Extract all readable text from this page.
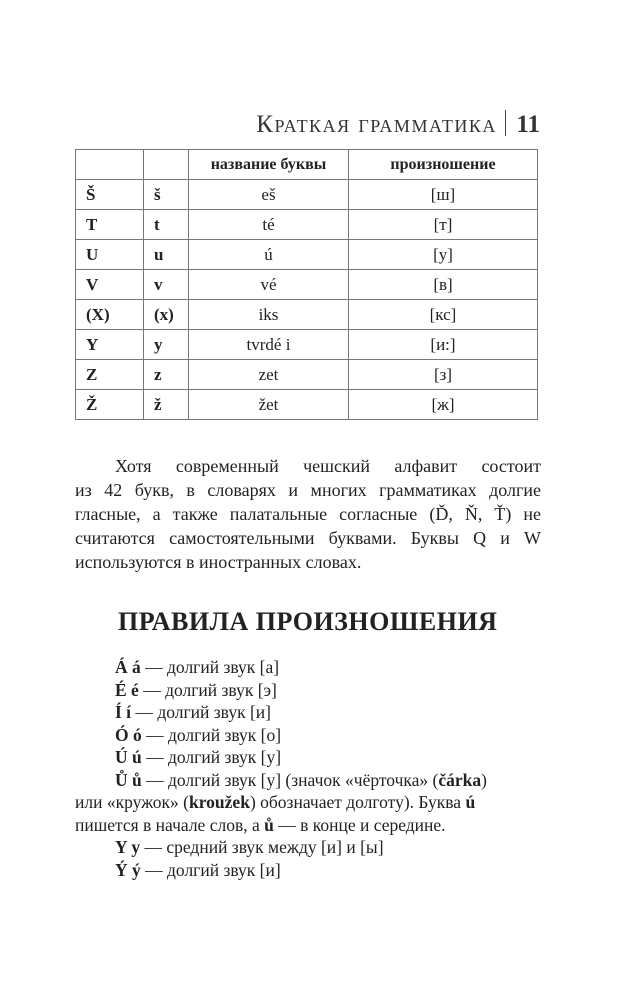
Краткая грамматика 11
		название буквы	произношение
Š	š	eš	[ш]
T	t	té	[т]
U	u	ú	[у]
V	v	vé	[в]
(X)	(x)	iks	[кс]
Y	y	tvrdé i	[и:]
Z	z	zet	[з]
Ž	ž	žet	[ж]
Хотя современный чешский алфавит состоит
из 42 букв, в словарях и многих грамматиках долгие
гласные, а также палатальные согласные (Ď, Ň, Ť) не
считаются самостоятельными буквами. Буквы Q и W
используются в иностранных словах.
ПРАВИЛА ПРОИЗНОШЕНИЯ
Á á — долгий звук [а]
É é — долгий звук [э]
Í í — долгий звук [и]
Ó ó — долгий звук [о]
Ú ú — долгий звук [у]
Ů ů — долгий звук [у] (значок «чёрточка» (čárka)
или «кружок» (kroužek) обозначает долготу). Буква ú
пишется в начале слов, а ů — в конце и середине.
Y y — средний звук между [и] и [ы]
Ý ý — долгий звук [и]
